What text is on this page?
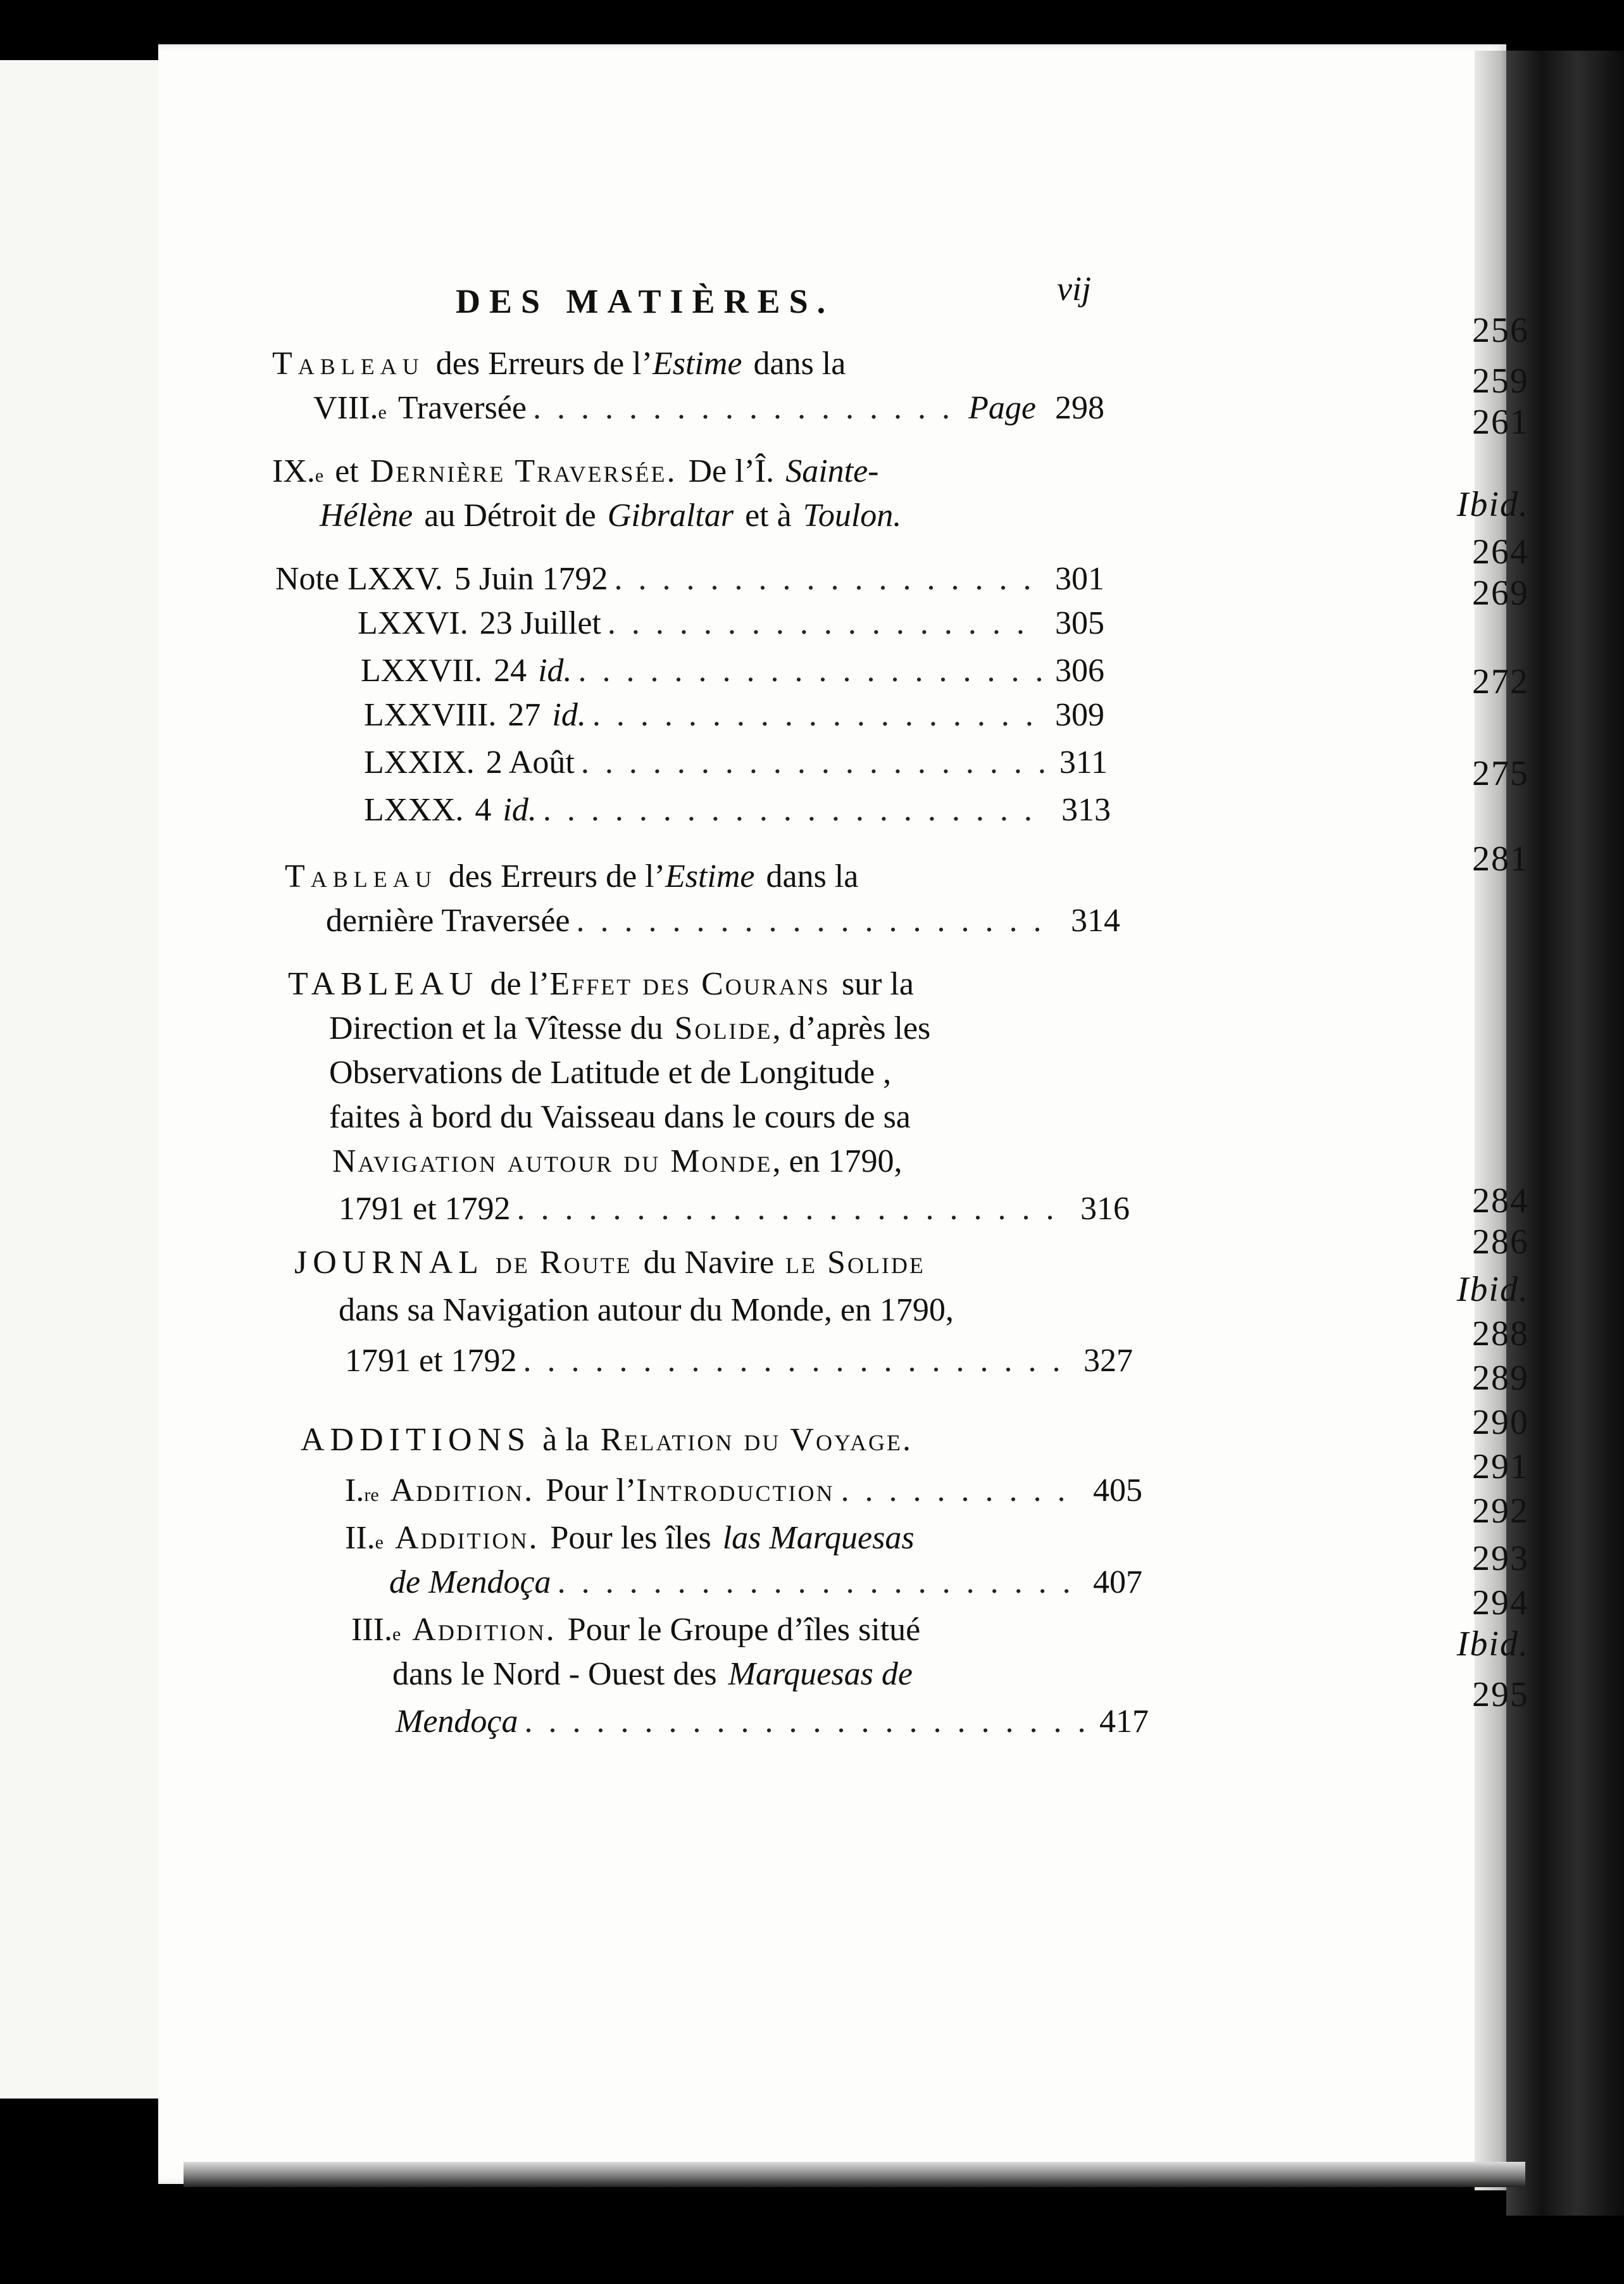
256
259
261
Ibid.
264
269
272
275
281
284
286
Ibid.
288
289
290
291
292
293
294
Ibid.
295
DES MATIÈRES.	vij
Tableau des Erreurs de l’ Estime dans la
VIII. e Traversée . . .	Page 298
IX. e et Dernière Traversée. De l’Î. Sainte-
Hélène au Détroit de Gibraltar et à Toulon.
Note LXXV. 5 Juin 1792 . . .	301
LXXVI. 23 Juillet . . .	305
LXXVII. 24 id. . . .	306
LXXVIII. 27 id. . . .	309
LXXIX. 2 Août . . .	311
LXXX. 4 id. . . .	313
Tableau des Erreurs de l’ Estime dans la
dernière Traversée . . .	314
TABLEAU de l’ Effet des Courans sur la
Direction et la Vîtesse du Solide , d’après les
Observations de Latitude et de Longitude ,
faites à bord du Vaisseau dans le cours de sa
Navigation autour du Monde , en 1790,
1791 et 1792 . . .	316
JOURNAL de Route du Navire le Solide
dans sa Navigation autour du Monde, en 1790,
1791 et 1792 . . .	327
ADDITIONS à la Relation du Voyage.
I. re Addition. Pour l’ Introduction . . .	405
II. e Addition. Pour les îles las Marquesas
de Mendoça . . .	407
III. e Addition. Pour le Groupe d’îles situé
dans le Nord - Ouest des Marquesas de
Mendoça . . .	417
